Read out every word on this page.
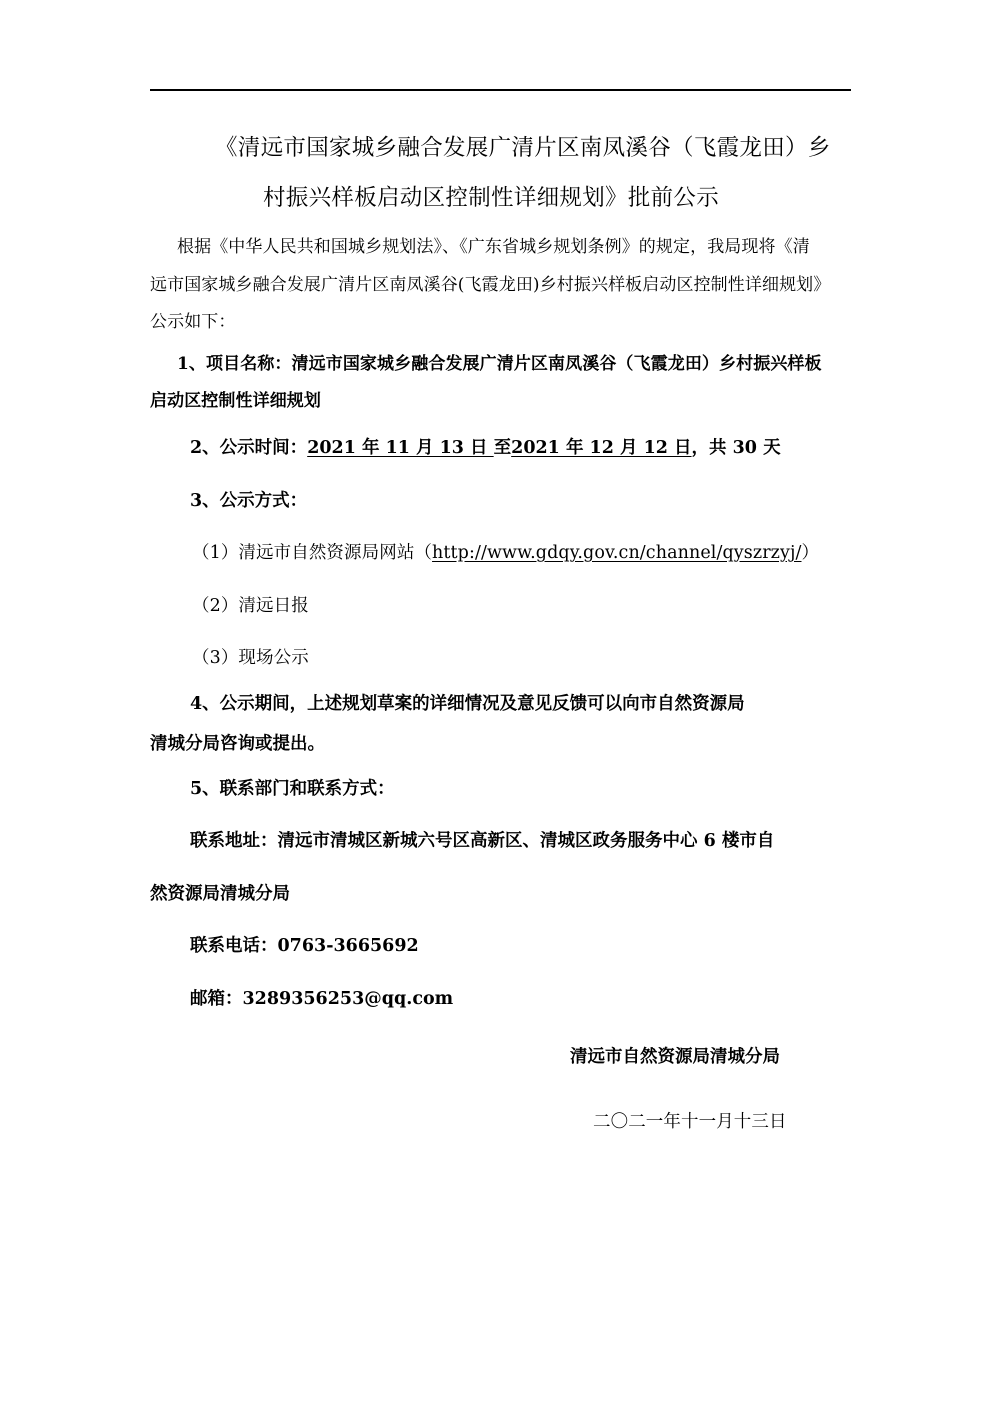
《清远市国家城乡融合发展广清片区南凤溪谷（飞霞龙田）乡
村振兴样板启动区控制性详细规划》批前公示
根据《中华人民共和国城乡规划法》、《广东省城乡规划条例》的规定，我局现将《清
远市国家城乡融合发展广清片区南凤溪谷(飞霞龙田)乡村振兴样板启动区控制性详细规划》
公示如下：
1、项目名称：清远市国家城乡融合发展广清片区南凤溪谷（飞霞龙田）乡村振兴样板
启动区控制性详细规划
2、公示时间：2021 年 11 月 13 日 至2021 年 12 月 12 日，共 30 天
3、公示方式：
（1）清远市自然资源局网站（http://www.gdqy.gov.cn/channel/qyszrzyj/）
（2）清远日报
（3）现场公示
4、公示期间，上述规划草案的详细情况及意见反馈可以向市自然资源局
清城分局咨询或提出。
5、联系部门和联系方式：
联系地址：清远市清城区新城六号区高新区、清城区政务服务中心 6 楼市自
然资源局清城分局
联系电话：0763-3665692
邮箱：3289356253@qq.com
清远市自然资源局清城分局
二〇二一年十一月十三日
